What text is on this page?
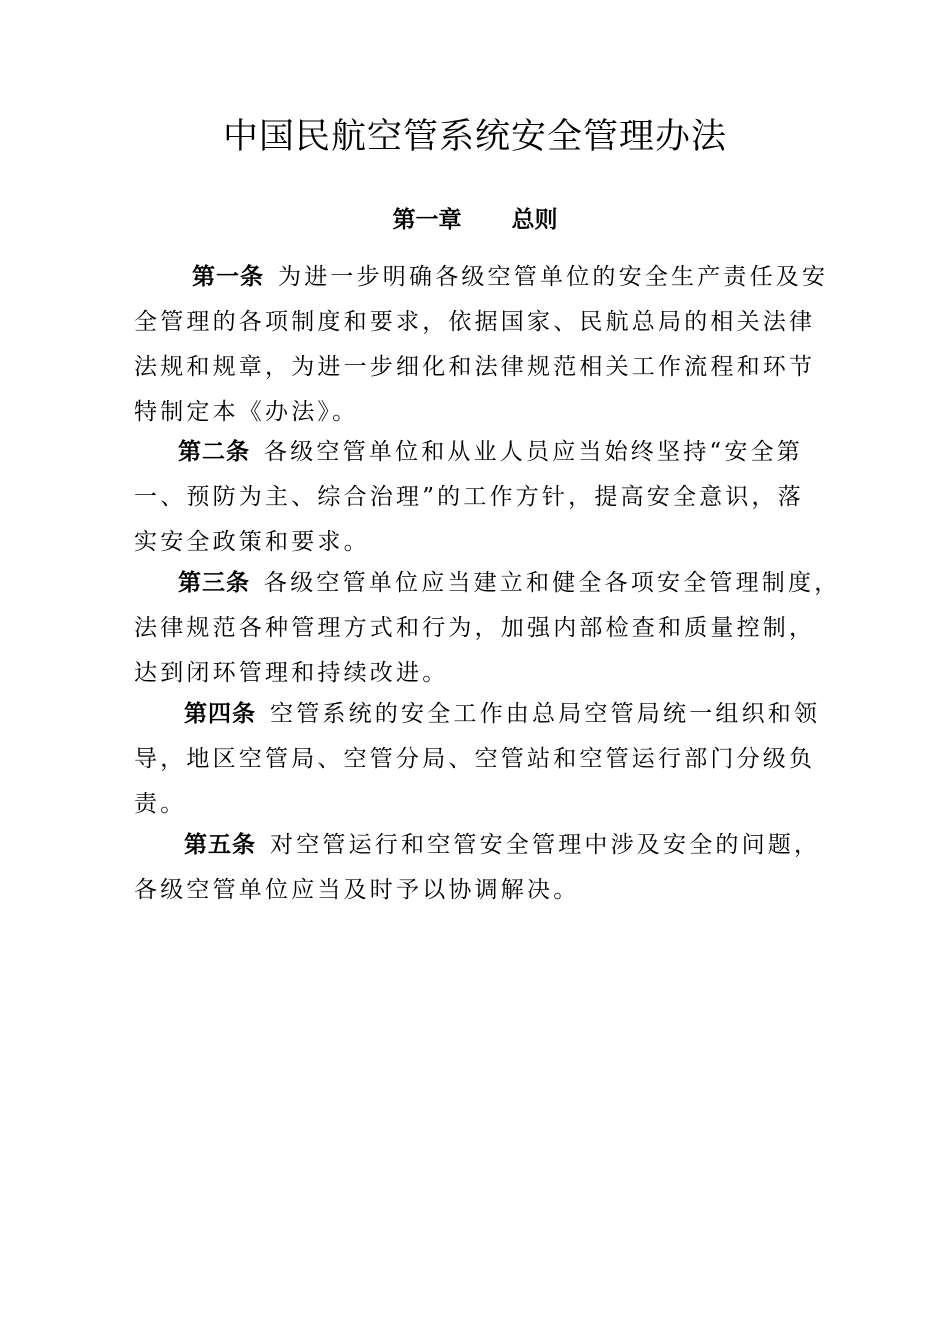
中国民航空管系统安全管理办法
第一章 总则

第一条 为进一步明确各级空管单位的安全生产责任及安
全管理的各项制度和要求，依据国家、民航总局的相关法律
法规和规章，为进一步细化和法律规范相关工作流程和环节
特制定本《办法》。

第二条 各级空管单位和从业人员应当始终坚持“安全第
一、预防为主、综合治理”的工作方针，提高安全意识，落
实安全政策和要求。

第三条 各级空管单位应当建立和健全各项安全管理制度，
法律规范各种管理方式和行为，加强内部检查和质量控制，
达到闭环管理和持续改进。

第四条 空管系统的安全工作由总局空管局统一组织和领
导，地区空管局、空管分局、空管站和空管运行部门分级负
责。

第五条 对空管运行和空管安全管理中涉及安全的问题，
各级空管单位应当及时予以协调解决。
